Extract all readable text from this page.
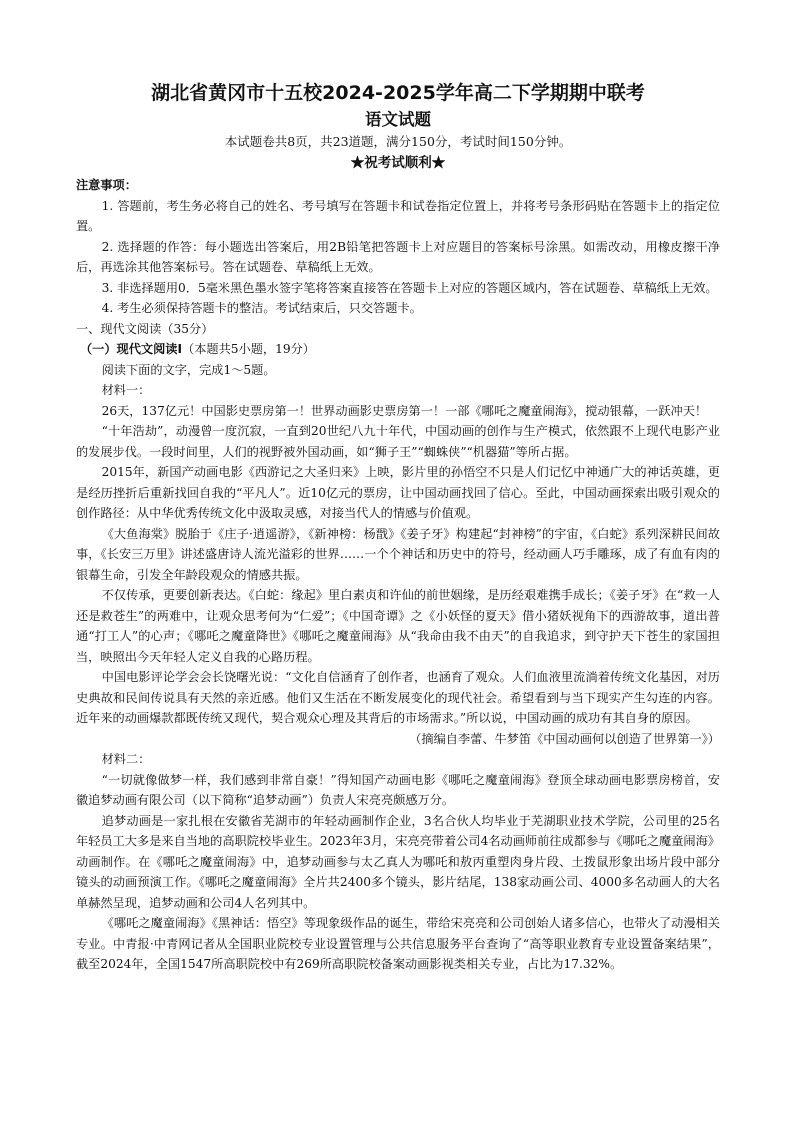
湖北省黄冈市十五校2024-2025学年高二下学期期中联考
语文试题

本试题卷共8页，共23道题，满分150分，考试时间150分钟。

★祝考试顺利★

注意事项：

1. 答题前，考生务必将自己的姓名、考号填写在答题卡和试卷指定位置上，并将考号条形码贴在答题卡上的指定位置。

2. 选择题的作答：每小题选出答案后，用2B铅笔把答题卡上对应题目的答案标号涂黑。如需改动，用橡皮擦干净后，再选涂其他答案标号。答在试题卷、草稿纸上无效。

3. 非选择题用0．5毫米黑色墨水签字笔将答案直接答在答题卡上对应的答题区域内，答在试题卷、草稿纸上无效。

4. 考生必须保持答题卡的整洁。考试结束后，只交答题卡。

一、现代文阅读（35分）

（一）现代文阅读Ⅰ（本题共5小题，19分）

阅读下面的文字，完成1～5题。

材料一：

26天，137亿元！中国影史票房第一！世界动画影史票房第一！一部《哪吒之魔童闹海》，搅动银幕，一跃冲天！

“十年浩劫”，动漫曾一度沉寂，一直到20世纪八九十年代，中国动画的创作与生产模式，依然跟不上现代电影产业的发展步伐。一段时间里，人们的视野被外国动画，如“狮子王”“蜘蛛侠”“机器猫”等所占据。

2015年，新国产动画电影《西游记之大圣归来》上映，影片里的孙悟空不只是人们记忆中神通广大的神话英雄，更是经历挫折后重新找回自我的“平凡人”。近10亿元的票房，让中国动画找回了信心。至此，中国动画探索出吸引观众的创作路径：从中华优秀传统文化中汲取灵感，对接当代人的情感与价值观。

《大鱼海棠》脱胎于《庄子·逍遥游》，《新神榜：杨戬》《姜子牙》构建起“封神榜”的宇宙，《白蛇》系列深耕民间故事，《长安三万里》讲述盛唐诗人流光溢彩的世界……一个个神话和历史中的符号，经动画人巧手雕琢，成了有血有肉的银幕生命，引发全年龄段观众的情感共振。

不仅传承，更要创新表达。《白蛇：缘起》里白素贞和许仙的前世姻缘，是历经艰难携手成长；《姜子牙》在“救一人还是救苍生”的两难中，让观众思考何为“仁爱”；《中国奇谭》之《小妖怪的夏天》借小猪妖视角下的西游故事，道出普通“打工人”的心声；《哪吒之魔童降世》《哪吒之魔童闹海》从“我命由我不由天”的自我追求，到守护天下苍生的家国担当，映照出今天年轻人定义自我的心路历程。

中国电影评论学会会长饶曙光说：“文化自信涵育了创作者，也涵育了观众。人们血液里流淌着传统文化基因，对历史典故和民间传说具有天然的亲近感。他们又生活在不断发展变化的现代社会。希望看到与当下现实产生勾连的内容。近年来的动画爆款都既传统又现代，契合观众心理及其背后的市场需求。”所以说，中国动画的成功有其自身的原因。

（摘编自李蕾、牛梦笛《中国动画何以创造了世界第一》）

材料二：

“一切就像做梦一样，我们感到非常自豪！”得知国产动画电影《哪吒之魔童闹海》登顶全球动画电影票房榜首，安徽追梦动画有限公司（以下简称“追梦动画”）负责人宋亮亮颇感万分。

追梦动画是一家扎根在安徽省芜湖市的年轻动画制作企业，3名合伙人均毕业于芜湖职业技术学院，公司里的25名年轻员工大多是来自当地的高职院校毕业生。2023年3月，宋亮亮带着公司4名动画师前往成都参与《哪吒之魔童闹海》动画制作。在《哪吒之魔童闹海》中，追梦动画参与太乙真人为哪吒和敖丙重塑肉身片段、土拨鼠形象出场片段中部分镜头的动画预演工作。《哪吒之魔童闹海》全片共2400多个镜头，影片结尾，138家动画公司、4000多名动画人的大名单赫然呈现，追梦动画和公司4人名列其中。

《哪吒之魔童闹海》《黑神话：悟空》等现象级作品的诞生，带给宋亮亮和公司创始人诸多信心，也带火了动漫相关专业。中青报·中青网记者从全国职业院校专业设置管理与公共信息服务平台查询了“高等职业教育专业设置备案结果”，截至2024年，全国1547所高职院校中有269所高职院校备案动画影视类相关专业，占比为17.32%。
